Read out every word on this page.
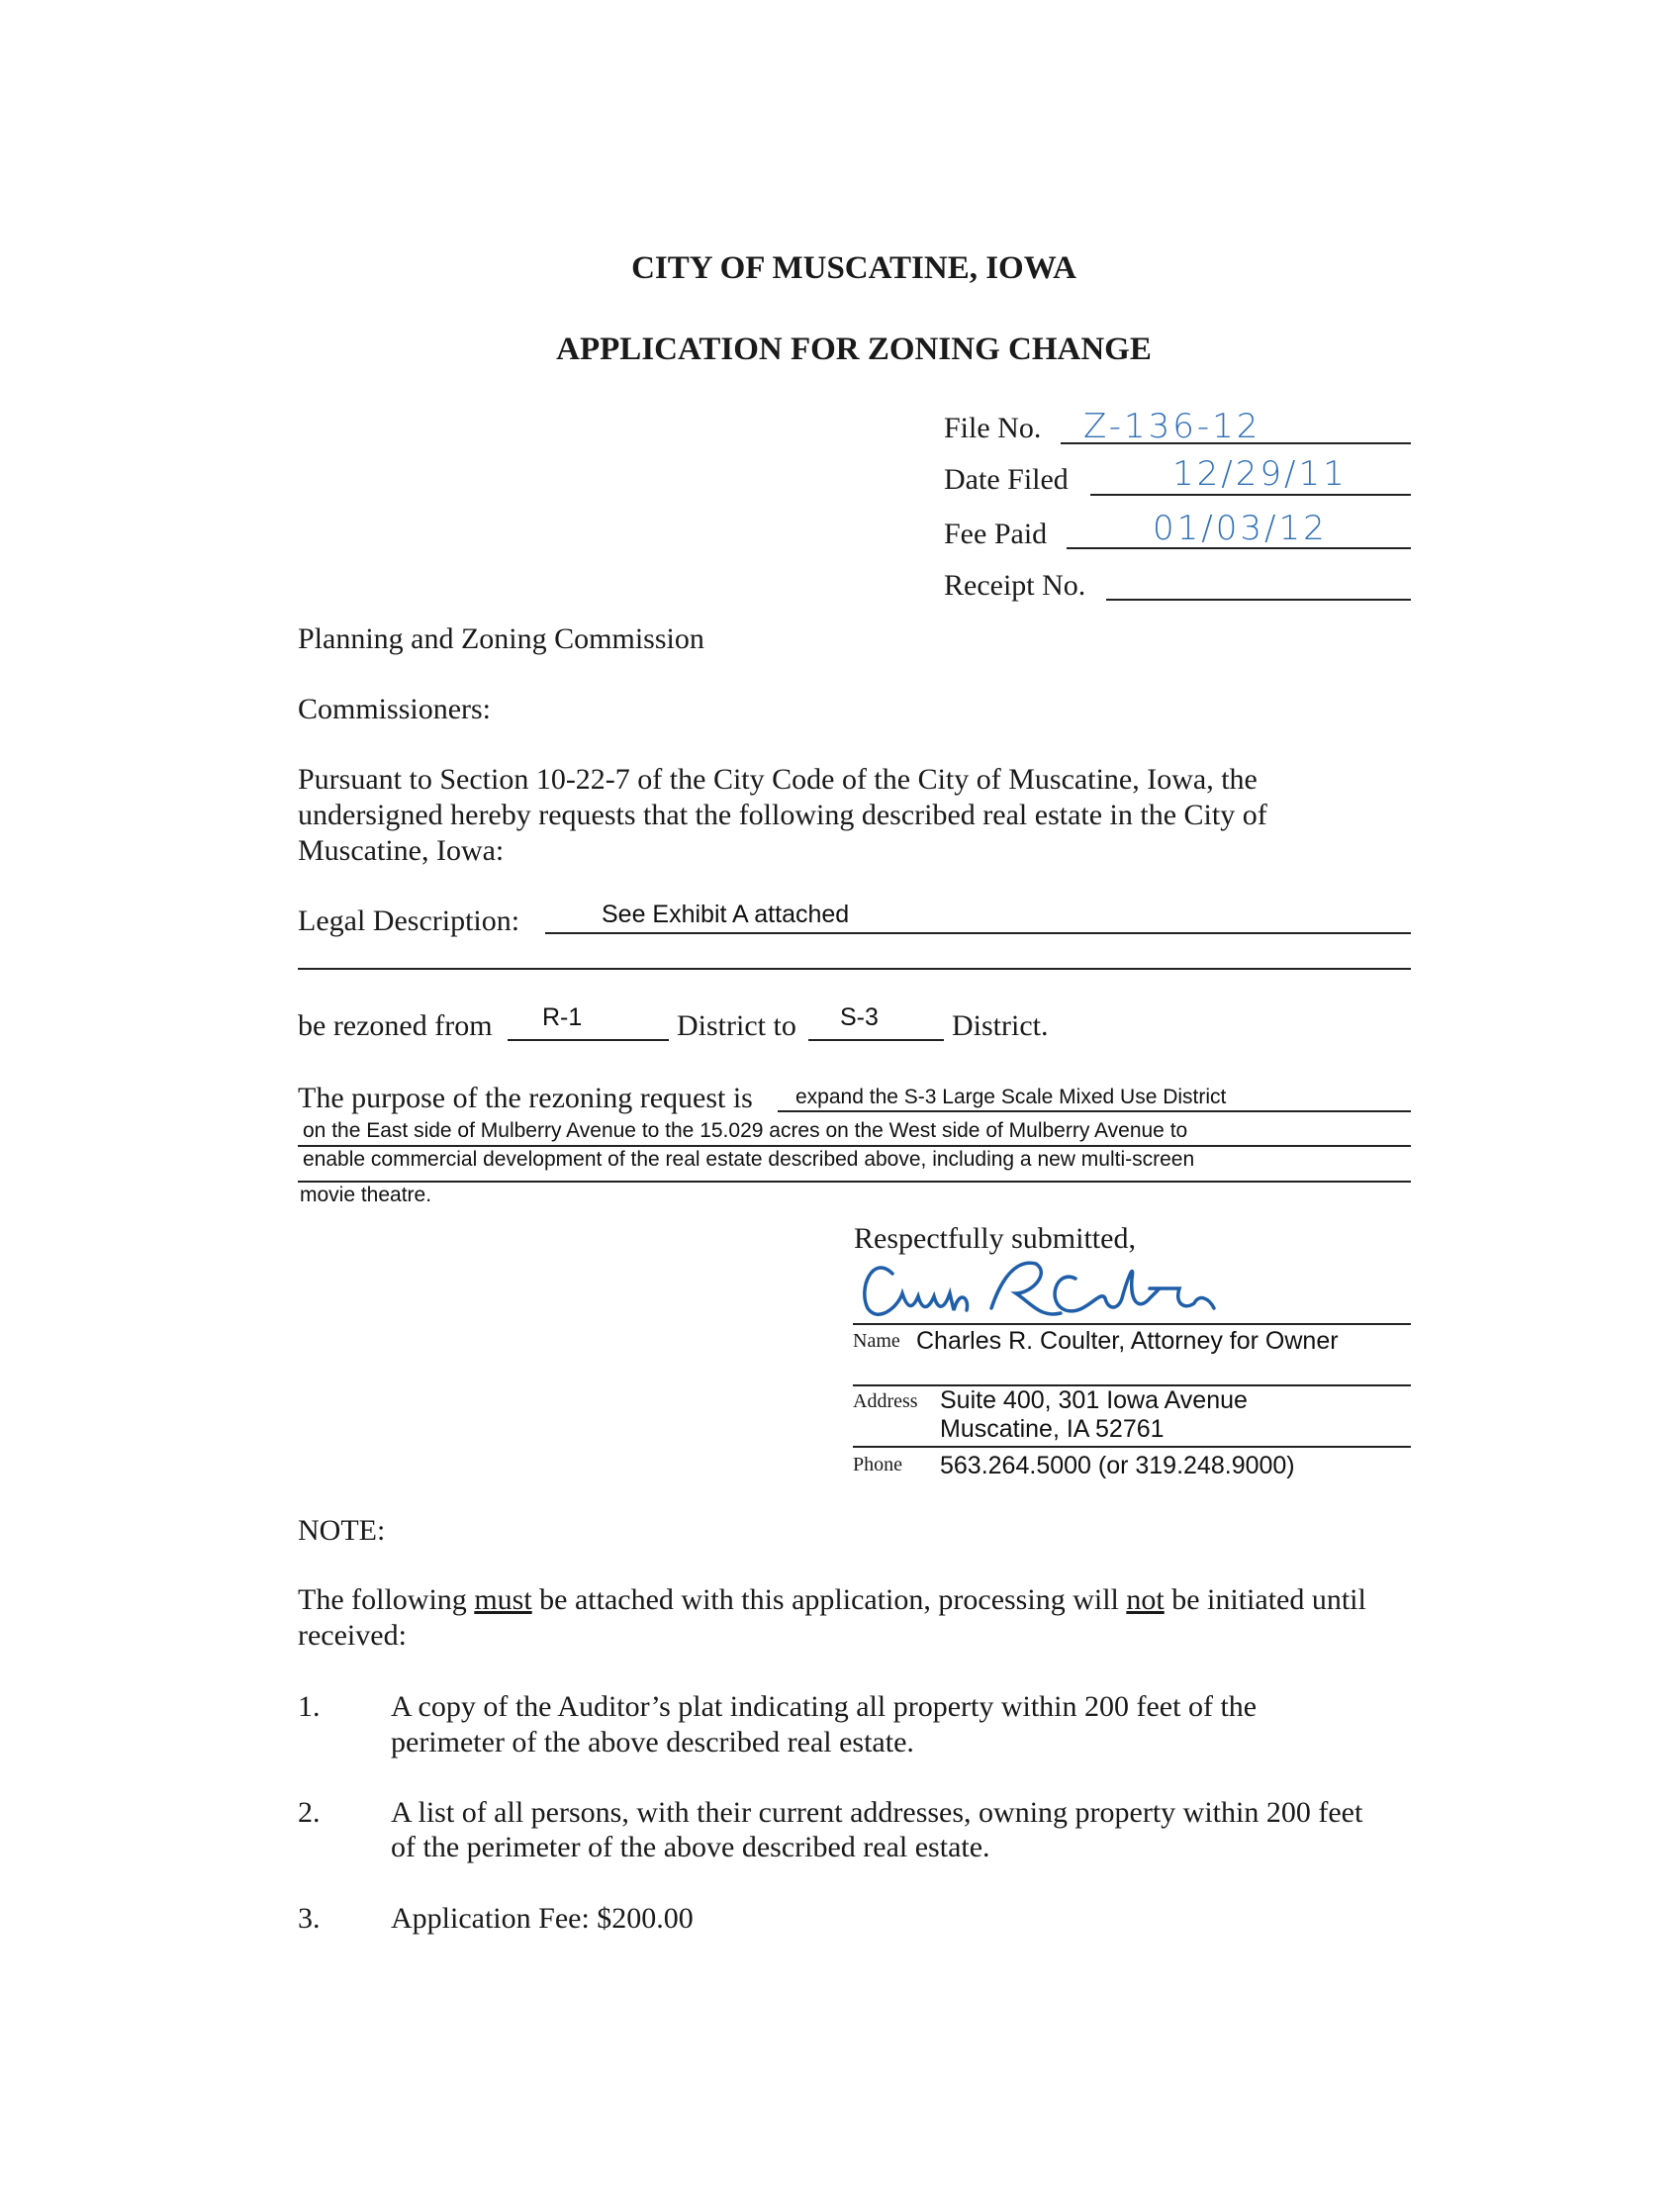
CITY OF MUSCATINE, IOWA
APPLICATION FOR ZONING CHANGE
File No. Z-136-12
Date Filed	12/29/11
Fee Paid	01/03/12
Receipt No.
Planning and Zoning Commission
Commissioners:
Pursuant to Section 10-22-7 of the City Code of the City of Muscatine, Iowa, the
undersigned hereby requests that the following described real estate in the City of
Muscatine, Iowa:
Legal Description:	See Exhibit A attached
be rezoned from R-1	District to S-3 District.
The purpose of the rezoning request is expand the S-3 Large Scale Mixed Use District
on the East side of Mulberry Avenue to the 15.029 acres on the West side of Mulberry Avenue to
enable commercial development of the real estate described above, including a new multi-screen
movie theatre.
Respectfully submitted,
Name Charles R. Coulter, Attorney for Owner
Address Suite 400, 301 Iowa Avenue
Muscatine, IA 52761
Phone 563.264.5000 (or 319.248.9000)
NOTE:
The following must be attached with this application, processing will not be initiated until
received:
1. A copy of the Auditor’s plat indicating all property within 200 feet of the
perimeter of the above described real estate.
2. A list of all persons, with their current addresses, owning property within 200 feet
of the perimeter of the above described real estate.
3. Application Fee: $200.00
